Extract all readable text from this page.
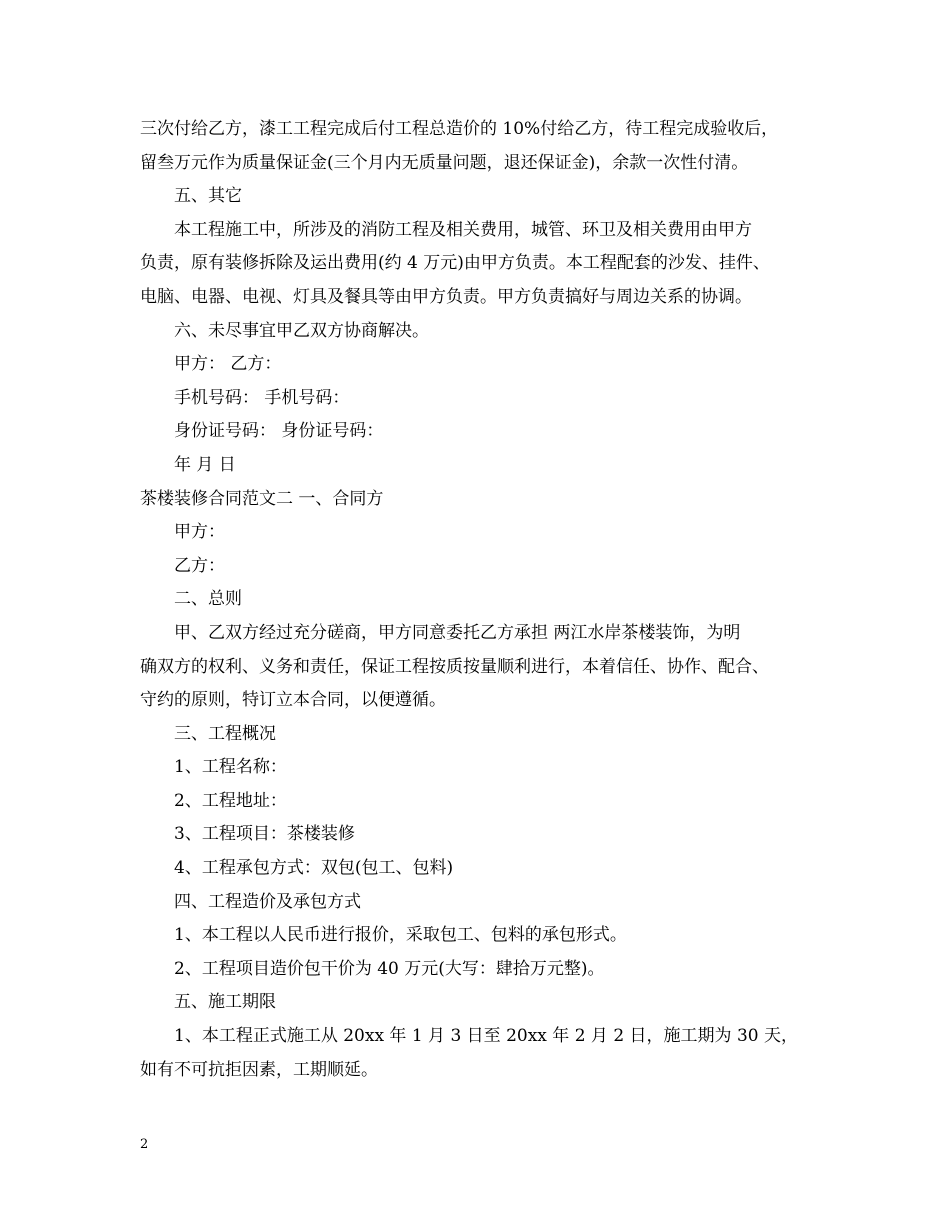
三次付给乙方，漆工工程完成后付工程总造价的 10%付给乙方，待工程完成验收后，
留叁万元作为质量保证金(三个月内无质量问题，退还保证金)，余款一次性付清。
五、其它
本工程施工中，所涉及的消防工程及相关费用，城管、环卫及相关费用由甲方
负责，原有装修拆除及运出费用(约 4 万元)由甲方负责。本工程配套的沙发、挂件、
电脑、电器、电视、灯具及餐具等由甲方负责。甲方负责搞好与周边关系的协调。
六、未尽事宜甲乙双方协商解决。
甲方： 乙方：
手机号码： 手机号码：
身份证号码： 身份证号码：
年 月 日
茶楼装修合同范文二 一、合同方
甲方：
乙方：
二、总则
甲、乙双方经过充分磋商，甲方同意委托乙方承担 两江水岸茶楼装饰，为明
确双方的权利、义务和责任，保证工程按质按量顺利进行，本着信任、协作、配合、
守约的原则，特订立本合同，以便遵循。
三、工程概况
1、工程名称：
2、工程地址：
3、工程项目：茶楼装修
4、工程承包方式：双包(包工、包料)
四、工程造价及承包方式
1、本工程以人民币进行报价，采取包工、包料的承包形式。
2、工程项目造价包干价为 40 万元(大写：肆拾万元整)。
五、施工期限
1、本工程正式施工从 20xx 年 1 月 3 日至 20xx 年 2 月 2 日，施工期为 30 天，
如有不可抗拒因素，工期顺延。
2
